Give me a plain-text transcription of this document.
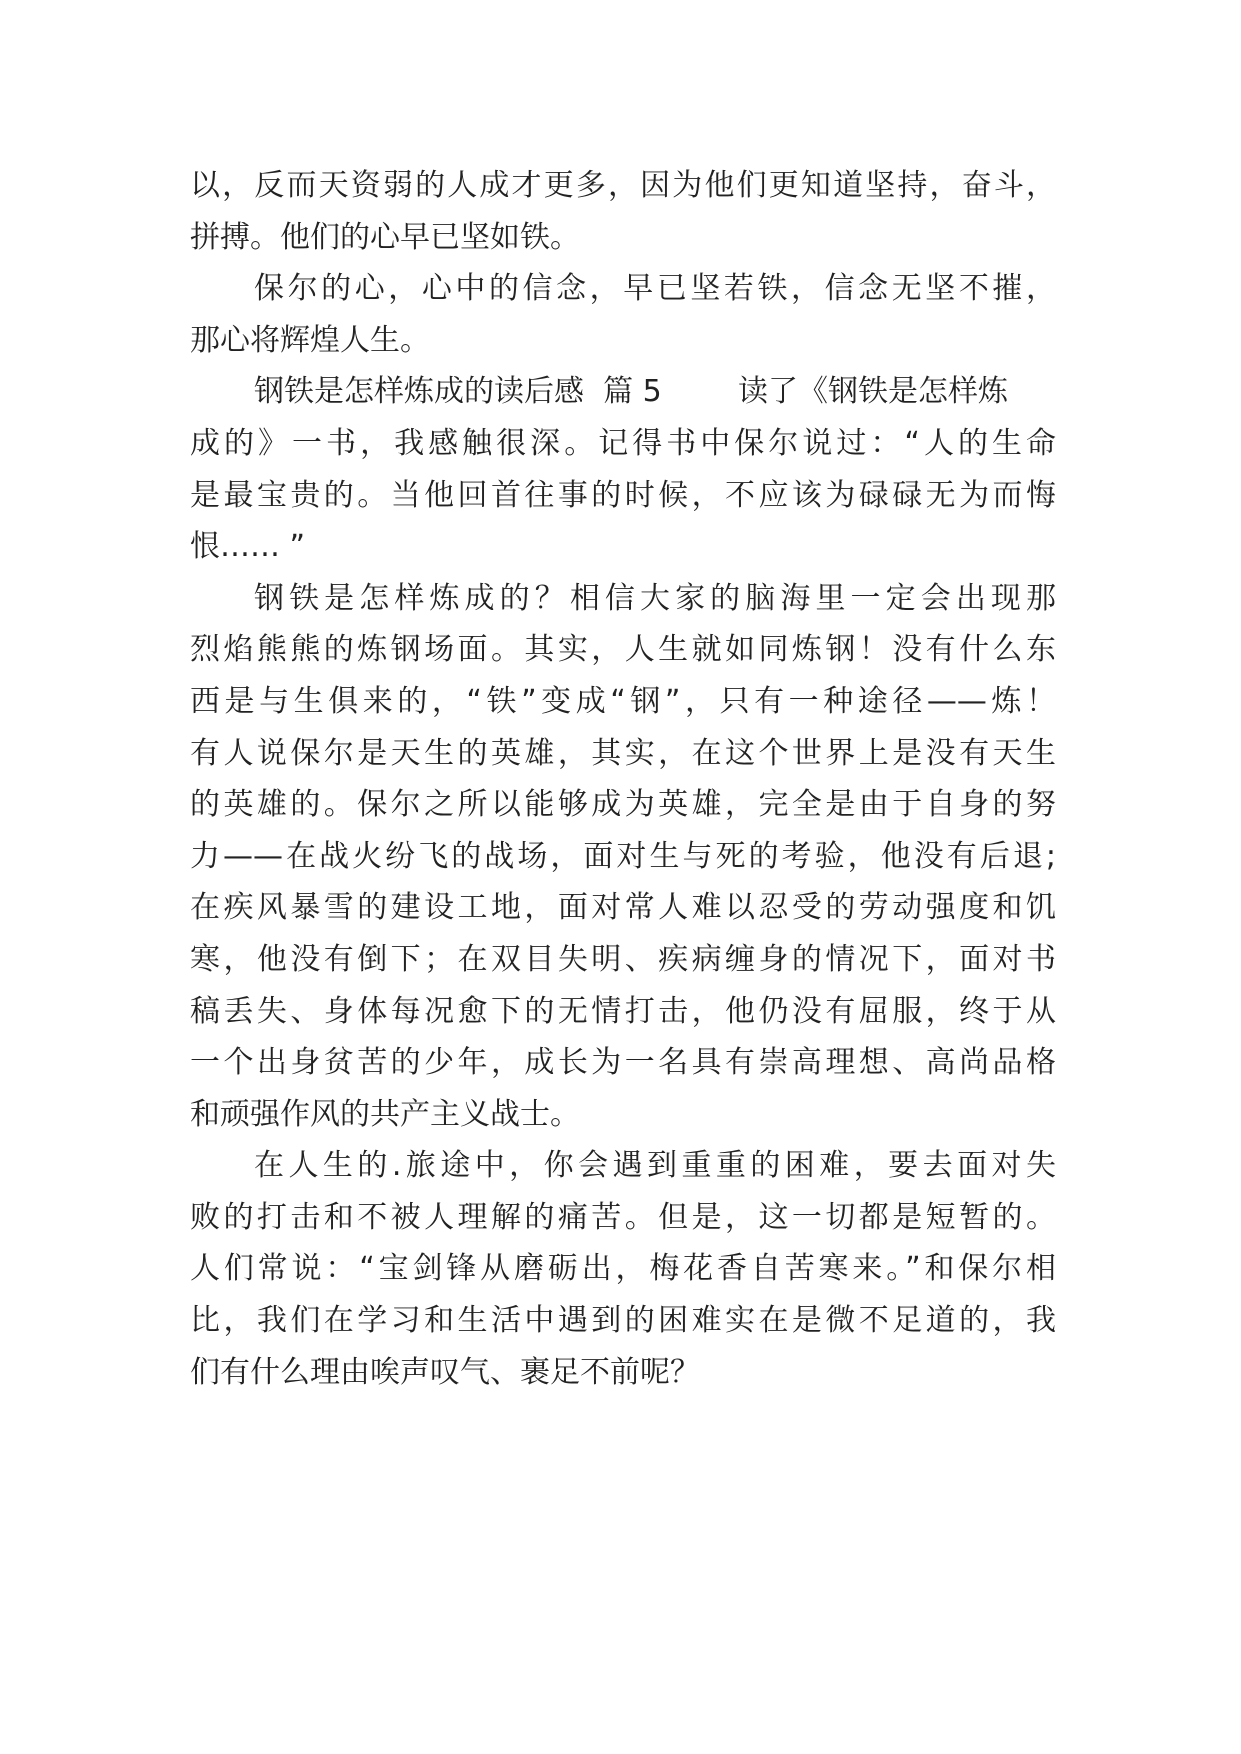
以，反而天资弱的人成才更多，因为他们更知道坚持，奋斗，
拼搏。他们的心早已坚如铁。
保尔的心，心中的信念，早已坚若铁，信念无坚不摧，
那心将辉煌人生。
钢铁是怎样炼成的读后感  篇 5        读了《钢铁是怎样炼
成的》一书，我感触很深。记得书中保尔说过：“人的生命
是最宝贵的。当他回首往事的时候，不应该为碌碌无为而悔
恨…… ”
钢铁是怎样炼成的？相信大家的脑海里一定会出现那
烈焰熊熊的炼钢场面。其实，人生就如同炼钢！没有什么东
西是与生俱来的，“铁”变成“钢”，只有一种途径——炼！
有人说保尔是天生的英雄，其实，在这个世界上是没有天生
的英雄的。保尔之所以能够成为英雄，完全是由于自身的努
力——在战火纷飞的战场，面对生与死的考验，他没有后退;
在疾风暴雪的建设工地，面对常人难以忍受的劳动强度和饥
寒，他没有倒下；在双目失明、疾病缠身的情况下，面对书
稿丢失、身体每况愈下的无情打击，他仍没有屈服，终于从
一个出身贫苦的少年，成长为一名具有崇高理想、高尚品格
和顽强作风的共产主义战士。
在人生的.旅途中，你会遇到重重的困难，要去面对失
败的打击和不被人理解的痛苦。但是，这一切都是短暂的。
人们常说：“宝剑锋从磨砺出，梅花香自苦寒来。”和保尔相
比，我们在学习和生活中遇到的困难实在是微不足道的，我
们有什么理由唉声叹气、裹足不前呢？
